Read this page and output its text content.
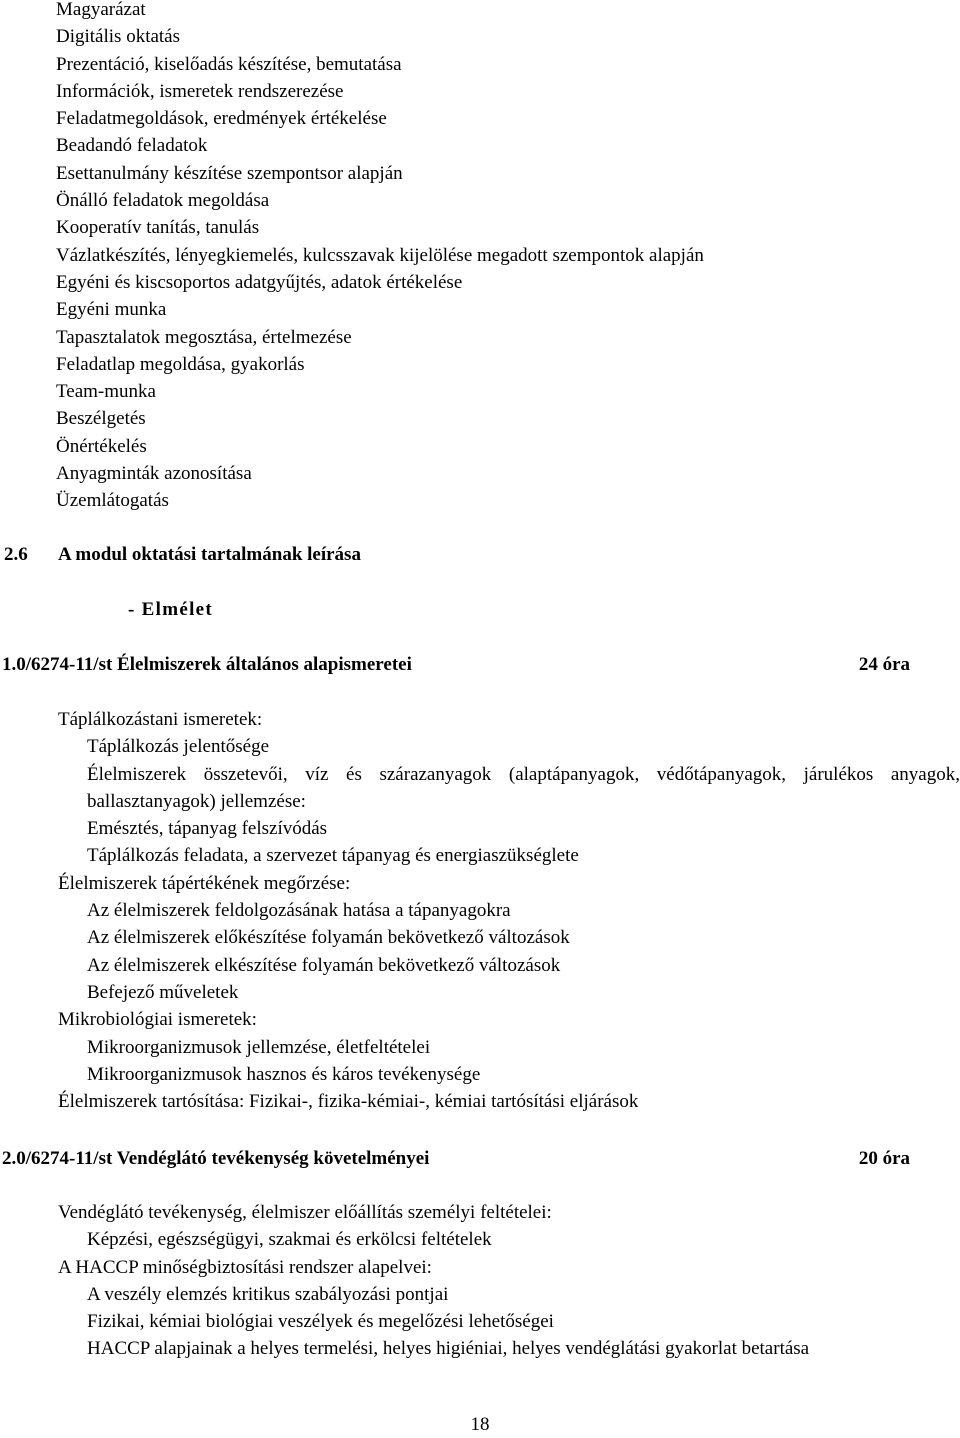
Magyarázat
Digitális oktatás
Prezentáció, kiselőadás készítése, bemutatása
Információk, ismeretek rendszerezése
Feladatmegoldások, eredmények értékelése
Beadandó feladatok
Esettanulmány készítése szempontsor alapján
Önálló feladatok megoldása
Kooperatív tanítás, tanulás
Vázlatkészítés, lényegkiemelés, kulcsszavak kijelölése megadott szempontok alapján
Egyéni és kiscsoportos adatgyűjtés, adatok értékelése
Egyéni munka
Tapasztalatok megosztása, értelmezése
Feladatlap megoldása, gyakorlás
Team-munka
Beszélgetés
Önértékelés
Anyagminták azonosítása
Üzemlátogatás
2.6 A modul oktatási tartalmának leírása
- Elmélet
1.0/6274-11/st Élelmiszerek általános alapismeretei	24 óra
Táplálkozástani ismeretek:
Táplálkozás jelentősége
Élelmiszerek összetevői, víz és szárazanyagok (alaptápanyagok, védőtápanyagok, járulékos anyagok, ballasztanyagok) jellemzése:
Emésztés, tápanyag felszívódás
Táplálkozás feladata, a szervezet tápanyag és energiaszükséglete
Élelmiszerek tápértékének megőrzése:
Az élelmiszerek feldolgozásának hatása a tápanyagokra
Az élelmiszerek előkészítése folyamán bekövetkező változások
Az élelmiszerek elkészítése folyamán bekövetkező változások
Befejező műveletek
Mikrobiológiai ismeretek:
Mikroorganizmusok jellemzése, életfeltételei
Mikroorganizmusok hasznos és káros tevékenysége
Élelmiszerek tartósítása: Fizikai-, fizika-kémiai-, kémiai tartósítási eljárások
2.0/6274-11/st Vendéglátó tevékenység követelményei	20 óra
Vendéglátó tevékenység, élelmiszer előállítás személyi feltételei:
Képzési, egészségügyi, szakmai és erkölcsi feltételek
A HACCP minőségbiztosítási rendszer alapelvei:
A veszély elemzés kritikus szabályozási pontjai
Fizikai, kémiai biológiai veszélyek és megelőzési lehetőségei
HACCP alapjainak a helyes termelési, helyes higiéniai, helyes vendéglátási gyakorlat betartása
18
